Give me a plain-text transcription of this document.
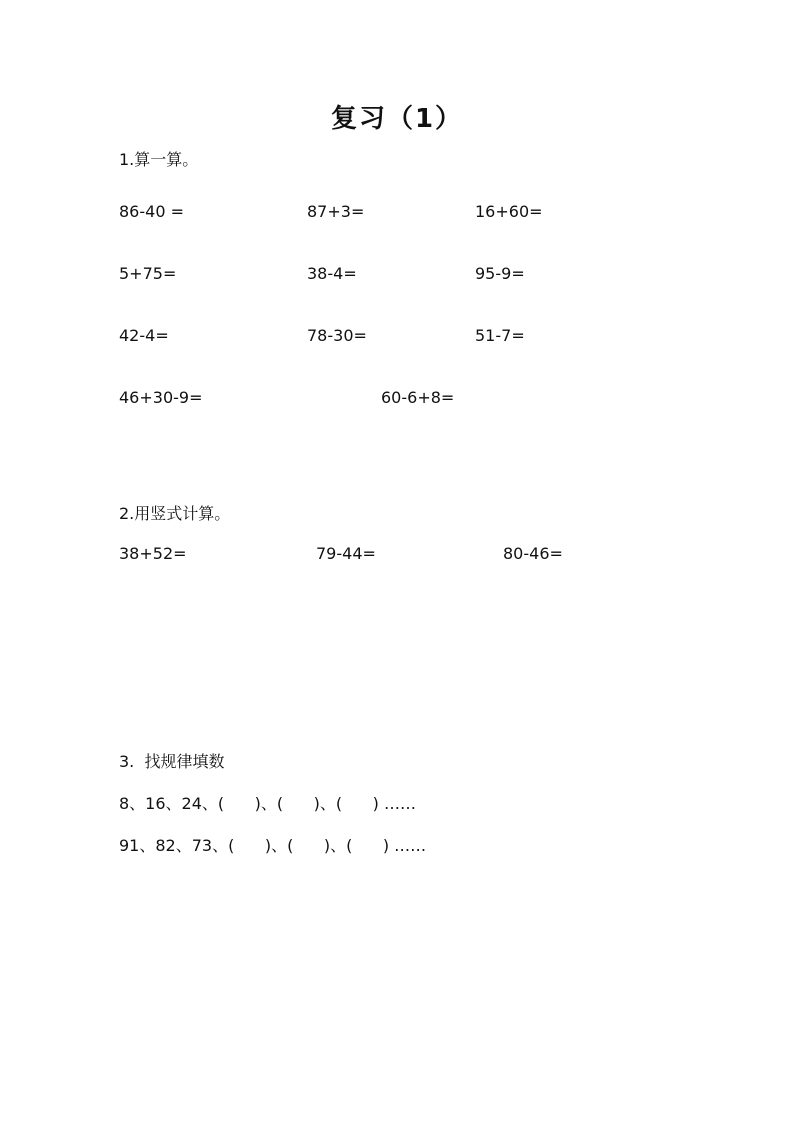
复习（1）
1.算一算。
86-40 =	87+3=	16+60=
5+75=	38-4=	95-9=
42-4=	78-30=	51-7=
46+30-9=	60-6+8=
2.用竖式计算。
38+52=	79-44=	80-46=
3.  找规律填数
8、16、24、(      )、(      )、(      ) ……
91、82、73、(      )、(      )、(      ) ……
